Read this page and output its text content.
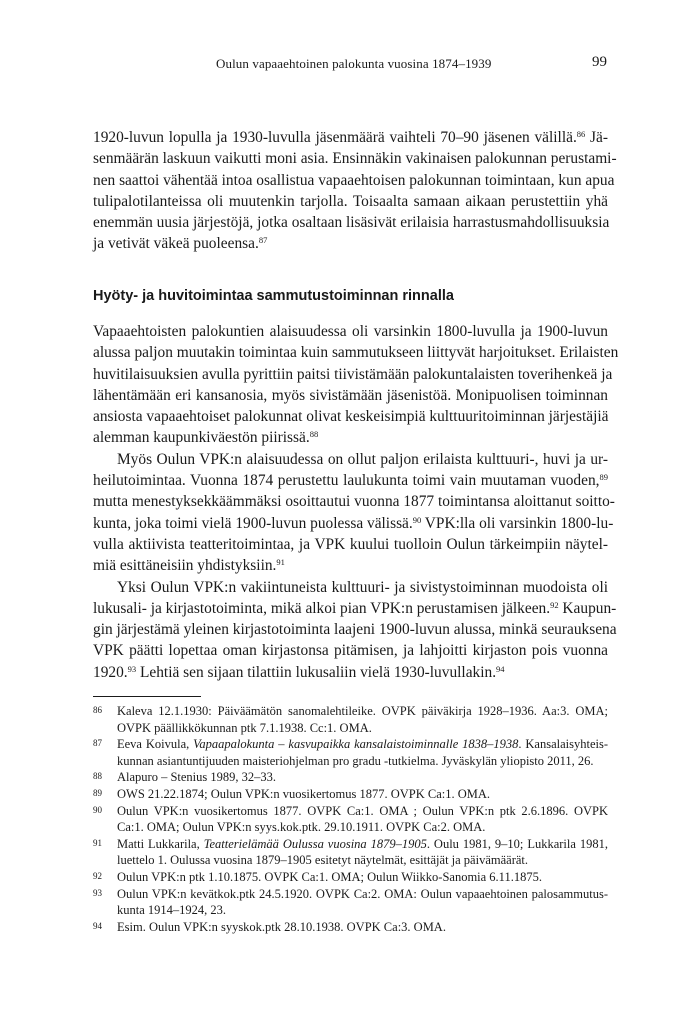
Oulun vapaaehtoinen palokunta vuosina 1874–1939	99
1920-luvun lopulla ja 1930-luvulla jäsenmäärä vaihteli 70–90 jäsenen välillä.$^{86}$ Jä-
senmäärän laskuun vaikutti moni asia. Ensinnäkin vakinaisen palokunnan perustami-
nen saattoi vähentää intoa osallistua vapaaehtoisen palokunnan toimintaan, kun apua
tulipalotilanteissa oli muutenkin tarjolla. Toisaalta samaan aikaan perustettiin yhä
enemmän uusia järjestöjä, jotka osaltaan lisäsivät erilaisia harrastusmahdollisuuksia
ja vetivät väkeä puoleensa.$^{87}$
Hyöty- ja huvitoimintaa sammutustoiminnan rinnalla
Vapaaehtoisten palokuntien alaisuudessa oli varsinkin 1800-luvulla ja 1900-luvun
alussa paljon muutakin toimintaa kuin sammutukseen liittyvät harjoitukset. Erilaisten
huvitilaisuuksien avulla pyrittiin paitsi tiivistämään palokuntalaisten toverihenkeä ja
lähentämään eri kansanosia, myös sivistämään jäsenistöä. Monipuolisen toiminnan
ansiosta vapaaehtoiset palokunnat olivat keskeisimpiä kulttuuritoiminnan järjestäjiä
alemman kaupunkiväestön piirissä.$^{88}$
Myös Oulun VPK:n alaisuudessa on ollut paljon erilaista kulttuuri-, huvi ja ur-
heilutoimintaa. Vuonna 1874 perustettu laulukunta toimi vain muutaman vuoden,$^{89}$
mutta menestyksekkäämmäksi osoittautui vuonna 1877 toimintansa aloittanut soitto-
kunta, joka toimi vielä 1900-luvun puolessa välissä.$^{90}$ VPK:lla oli varsinkin 1800-lu-
vulla aktiivista teatteritoimintaa, ja VPK kuului tuolloin Oulun tärkeimpiin näytel-
miä esittäneisiin yhdistyksiin.$^{91}$
Yksi Oulun VPK:n vakiintuneista kulttuuri- ja sivistystoiminnan muodoista oli
lukusali- ja kirjastotoiminta, mikä alkoi pian VPK:n perustamisen jälkeen.$^{92}$ Kaupun-
gin järjestämä yleinen kirjastotoiminta laajeni 1900-luvun alussa, minkä seurauksena
VPK päätti lopettaa oman kirjastonsa pitämisen, ja lahjoitti kirjaston pois vuonna
1920.93 Lehtiä sen sijaan tilattiin lukusaliin vielä 1930-luvullakin.$^{94}$
86 Kaleva 12.1.1930: Päiväämätön sanomalehtileike. OVPK päiväkirja 1928–1936. Aa:3. OMA;
OVPK päällikkökunnan ptk 7.1.1938. Cc:1. OMA.
87 Eeva Koivula, Vapaapalokunta – kasvupaikka kansalaistoiminnalle 1838–1938. Kansalaisyhteis-
kunnan asiantuntijuuden maisteriohjelman pro gradu -tutkielma. Jyväskylän yliopisto 2011, 26.
88 Alapuro – Stenius 1989, 32–33.
89 OWS 21.22.1874; Oulun VPK:n vuosikertomus 1877. OVPK Ca:1. OMA.
90 Oulun VPK:n vuosikertomus 1877. OVPK Ca:1. OMA ; Oulun VPK:n ptk 2.6.1896. OVPK
Ca:1. OMA; Oulun VPK:n syys.kok.ptk. 29.10.1911. OVPK Ca:2. OMA.
91 Matti Lukkarila, Teatterielämää Oulussa vuosina 1879–1905. Oulu 1981, 9–10; Lukkarila 1981,
luettelo 1. Oulussa vuosina 1879–1905 esitetyt näytelmät, esittäjät ja päivämäärät.
92 Oulun VPK:n ptk 1.10.1875. OVPK Ca:1. OMA; Oulun Wiikko-Sanomia 6.11.1875.
93 Oulun VPK:n kevätkok.ptk 24.5.1920. OVPK Ca:2. OMA: Oulun vapaaehtoinen palosammutus-
kunta 1914–1924, 23.
94 Esim. Oulun VPK:n syyskok.ptk 28.10.1938. OVPK Ca:3. OMA.
